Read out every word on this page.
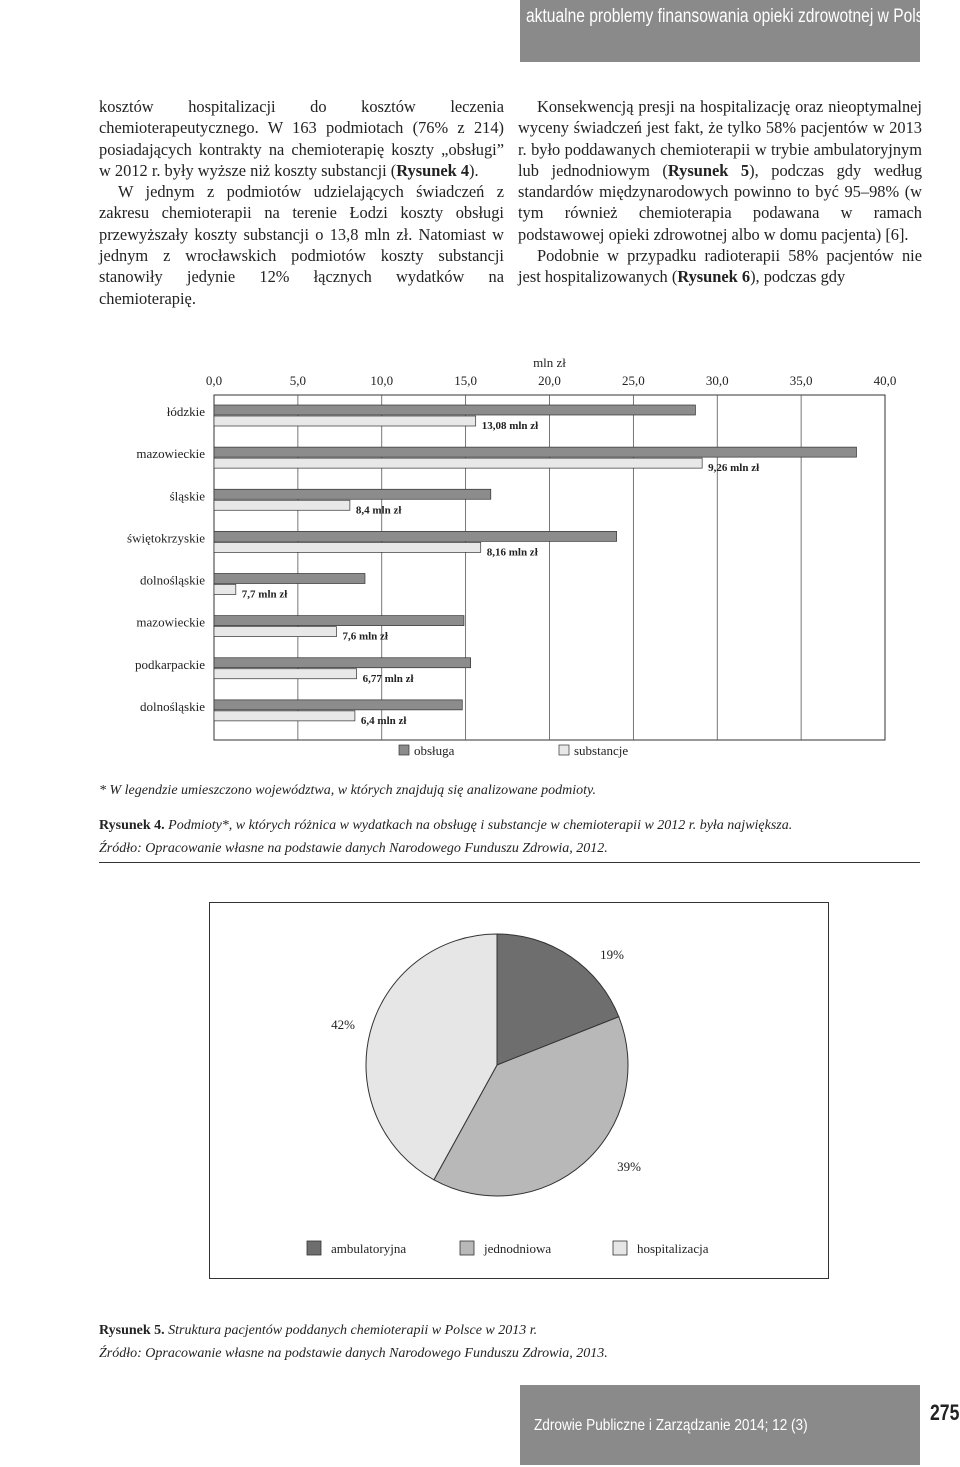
aktualne problemy finansowania opieki zdrowotnej w Polsce

kosztów hospitalizacji do kosztów leczenia chemioterapeutycznego. W 163 podmiotach (76% z 214) posiadających kontrakty na chemioterapię koszty „obsługi” w 2012 r. były wyższe niż koszty substancji (Rysunek 4).

W jednym z podmiotów udzielających świadczeń z zakresu chemioterapii na terenie Łodzi koszty obsługi przewyższały koszty substancji o 13,8 mln zł. Natomiast w jednym z wrocławskich podmiotów koszty substancji stanowiły jedynie 12% łącznych wydatków na chemioterapię.

Konsekwencją presji na hospitalizację oraz nieoptymalnej wyceny świadczeń jest fakt, że tylko 58% pacjentów w 2013 r. było poddawanych chemioterapii w trybie ambulatoryjnym lub jednodniowym (Rysunek 5), podczas gdy według standardów międzynarodowych powinno to być 95–98% (w tym również chemioterapia podawana w ramach podstawowej opieki zdrowotnej albo w domu pacjenta) [6].

Podobnie w przypadku radioterapii 58% pacjentów nie jest hospitalizowanych (Rysunek 6), podczas gdy

0,0	5,0	10,0	15,0	20,0	25,0	30,0	35,0	40,0
mln zł
łódzkie
13,08 mln zł
mazowieckie
9,26 mln zł
śląskie
8,4 mln zł
świętokrzyskie
8,16 mln zł
dolnośląskie
7,7 mln zł
mazowieckie
7,6 mln zł
podkarpackie
6,77 mln zł
dolnośląskie
6,4 mln zł
obsługa	substancje
* W legendzie umieszczono województwa, w których znajdują się analizowane podmioty.
Rysunek 4. Podmioty*, w których różnica w wydatkach na obsługę i substancje w chemioterapii w 2012 r. była największa.
Źródło: Opracowanie własne na podstawie danych Narodowego Funduszu Zdrowia, 2012.
19%
39%
42%
ambulatoryjna	jednodniowa	hospitalizacja
Rysunek 5. Struktura pacjentów poddanych chemioterapii w Polsce w 2013 r.
Źródło: Opracowanie własne na podstawie danych Narodowego Funduszu Zdrowia, 2013.
Zdrowie Publiczne i Zarządzanie 2014; 12 (3)
275
